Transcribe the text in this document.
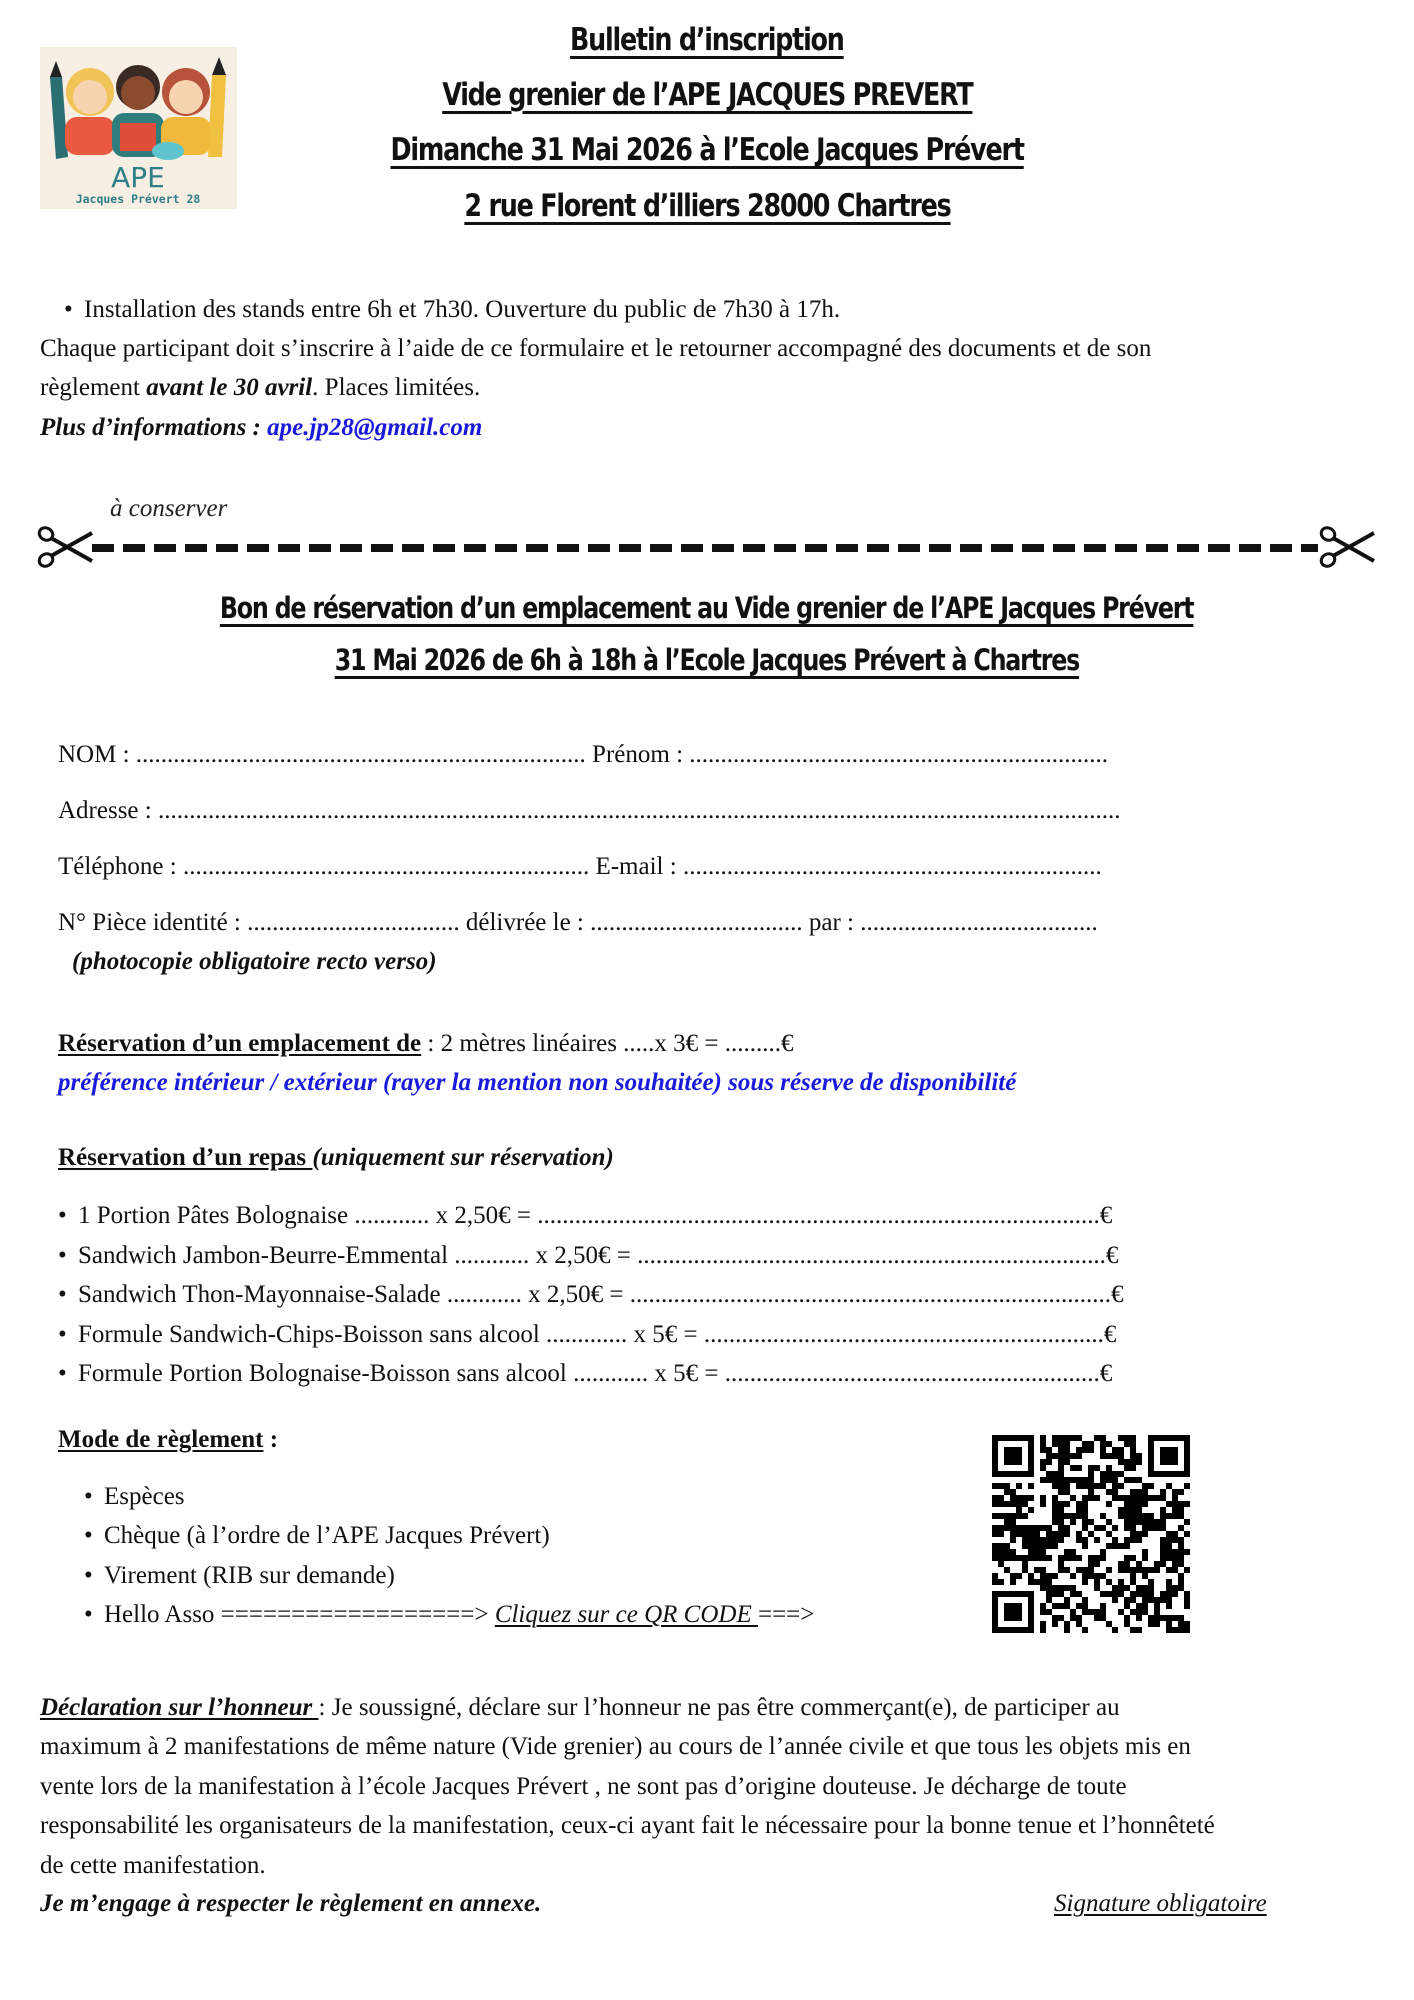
APE
Jacques Prévert 28
Bulletin d’inscription
Vide grenier de l’APE JACQUES PREVERT
Dimanche 31 Mai 2026 à l’Ecole Jacques Prévert
2 rue Florent d’illiers 28000 Chartres
• Installation des stands entre 6h et 7h30. Ouverture du public de 7h30 à 17h.
Chaque participant doit s’inscrire à l’aide de ce formulaire et le retourner accompagné des documents et de son
règlement avant le 30 avril. Places limitées.
Plus d’informations : ape.jp28@gmail.com
à conserver
Bon de réservation d’un emplacement au Vide grenier de l’APE Jacques Prévert
31 Mai 2026 de 6h à 18h à l’Ecole Jacques Prévert à Chartres
NOM : ........................................................................ Prénom : ...................................................................
Adresse : ..........................................................................................................................................................
Téléphone : ................................................................. E-mail : ...................................................................
N° Pièce identité : .................................. délivrée le : .................................. par : ......................................
(photocopie obligatoire recto verso)
Réservation d’un emplacement de : 2 mètres linéaires .....x 3€ = .........€
préférence intérieur / extérieur (rayer la mention non souhaitée) sous réserve de disponibilité
Réservation d’un repas (uniquement sur réservation)
• 1 Portion Pâtes Bolognaise ............ x 2,50€ = ..........................................................................................€
• Sandwich Jambon-Beurre-Emmental ............ x 2,50€ = ...........................................................................€
• Sandwich Thon-Mayonnaise-Salade ............ x 2,50€ = .............................................................................€
• Formule Sandwich-Chips-Boisson sans alcool ............. x 5€ = ................................................................€
• Formule Portion Bolognaise-Boisson sans alcool ............ x 5€ = ............................................................€
Mode de règlement :
• Espèces
• Chèque (à l’ordre de l’APE Jacques Prévert)
• Virement (RIB sur demande)
• Hello Asso ==================> Cliquez sur ce QR CODE ===>
Déclaration sur l’honneur : Je soussigné, déclare sur l’honneur ne pas être commerçant(e), de participer au
maximum à 2 manifestations de même nature (Vide grenier) au cours de l’année civile et que tous les objets mis en
vente lors de la manifestation à l’école Jacques Prévert , ne sont pas d’origine douteuse. Je décharge de toute
responsabilité les organisateurs de la manifestation, ceux-ci ayant fait le nécessaire pour la bonne tenue et l’honnêteté
de cette manifestation.
Je m’engage à respecter le règlement en annexe.	Signature obligatoire
